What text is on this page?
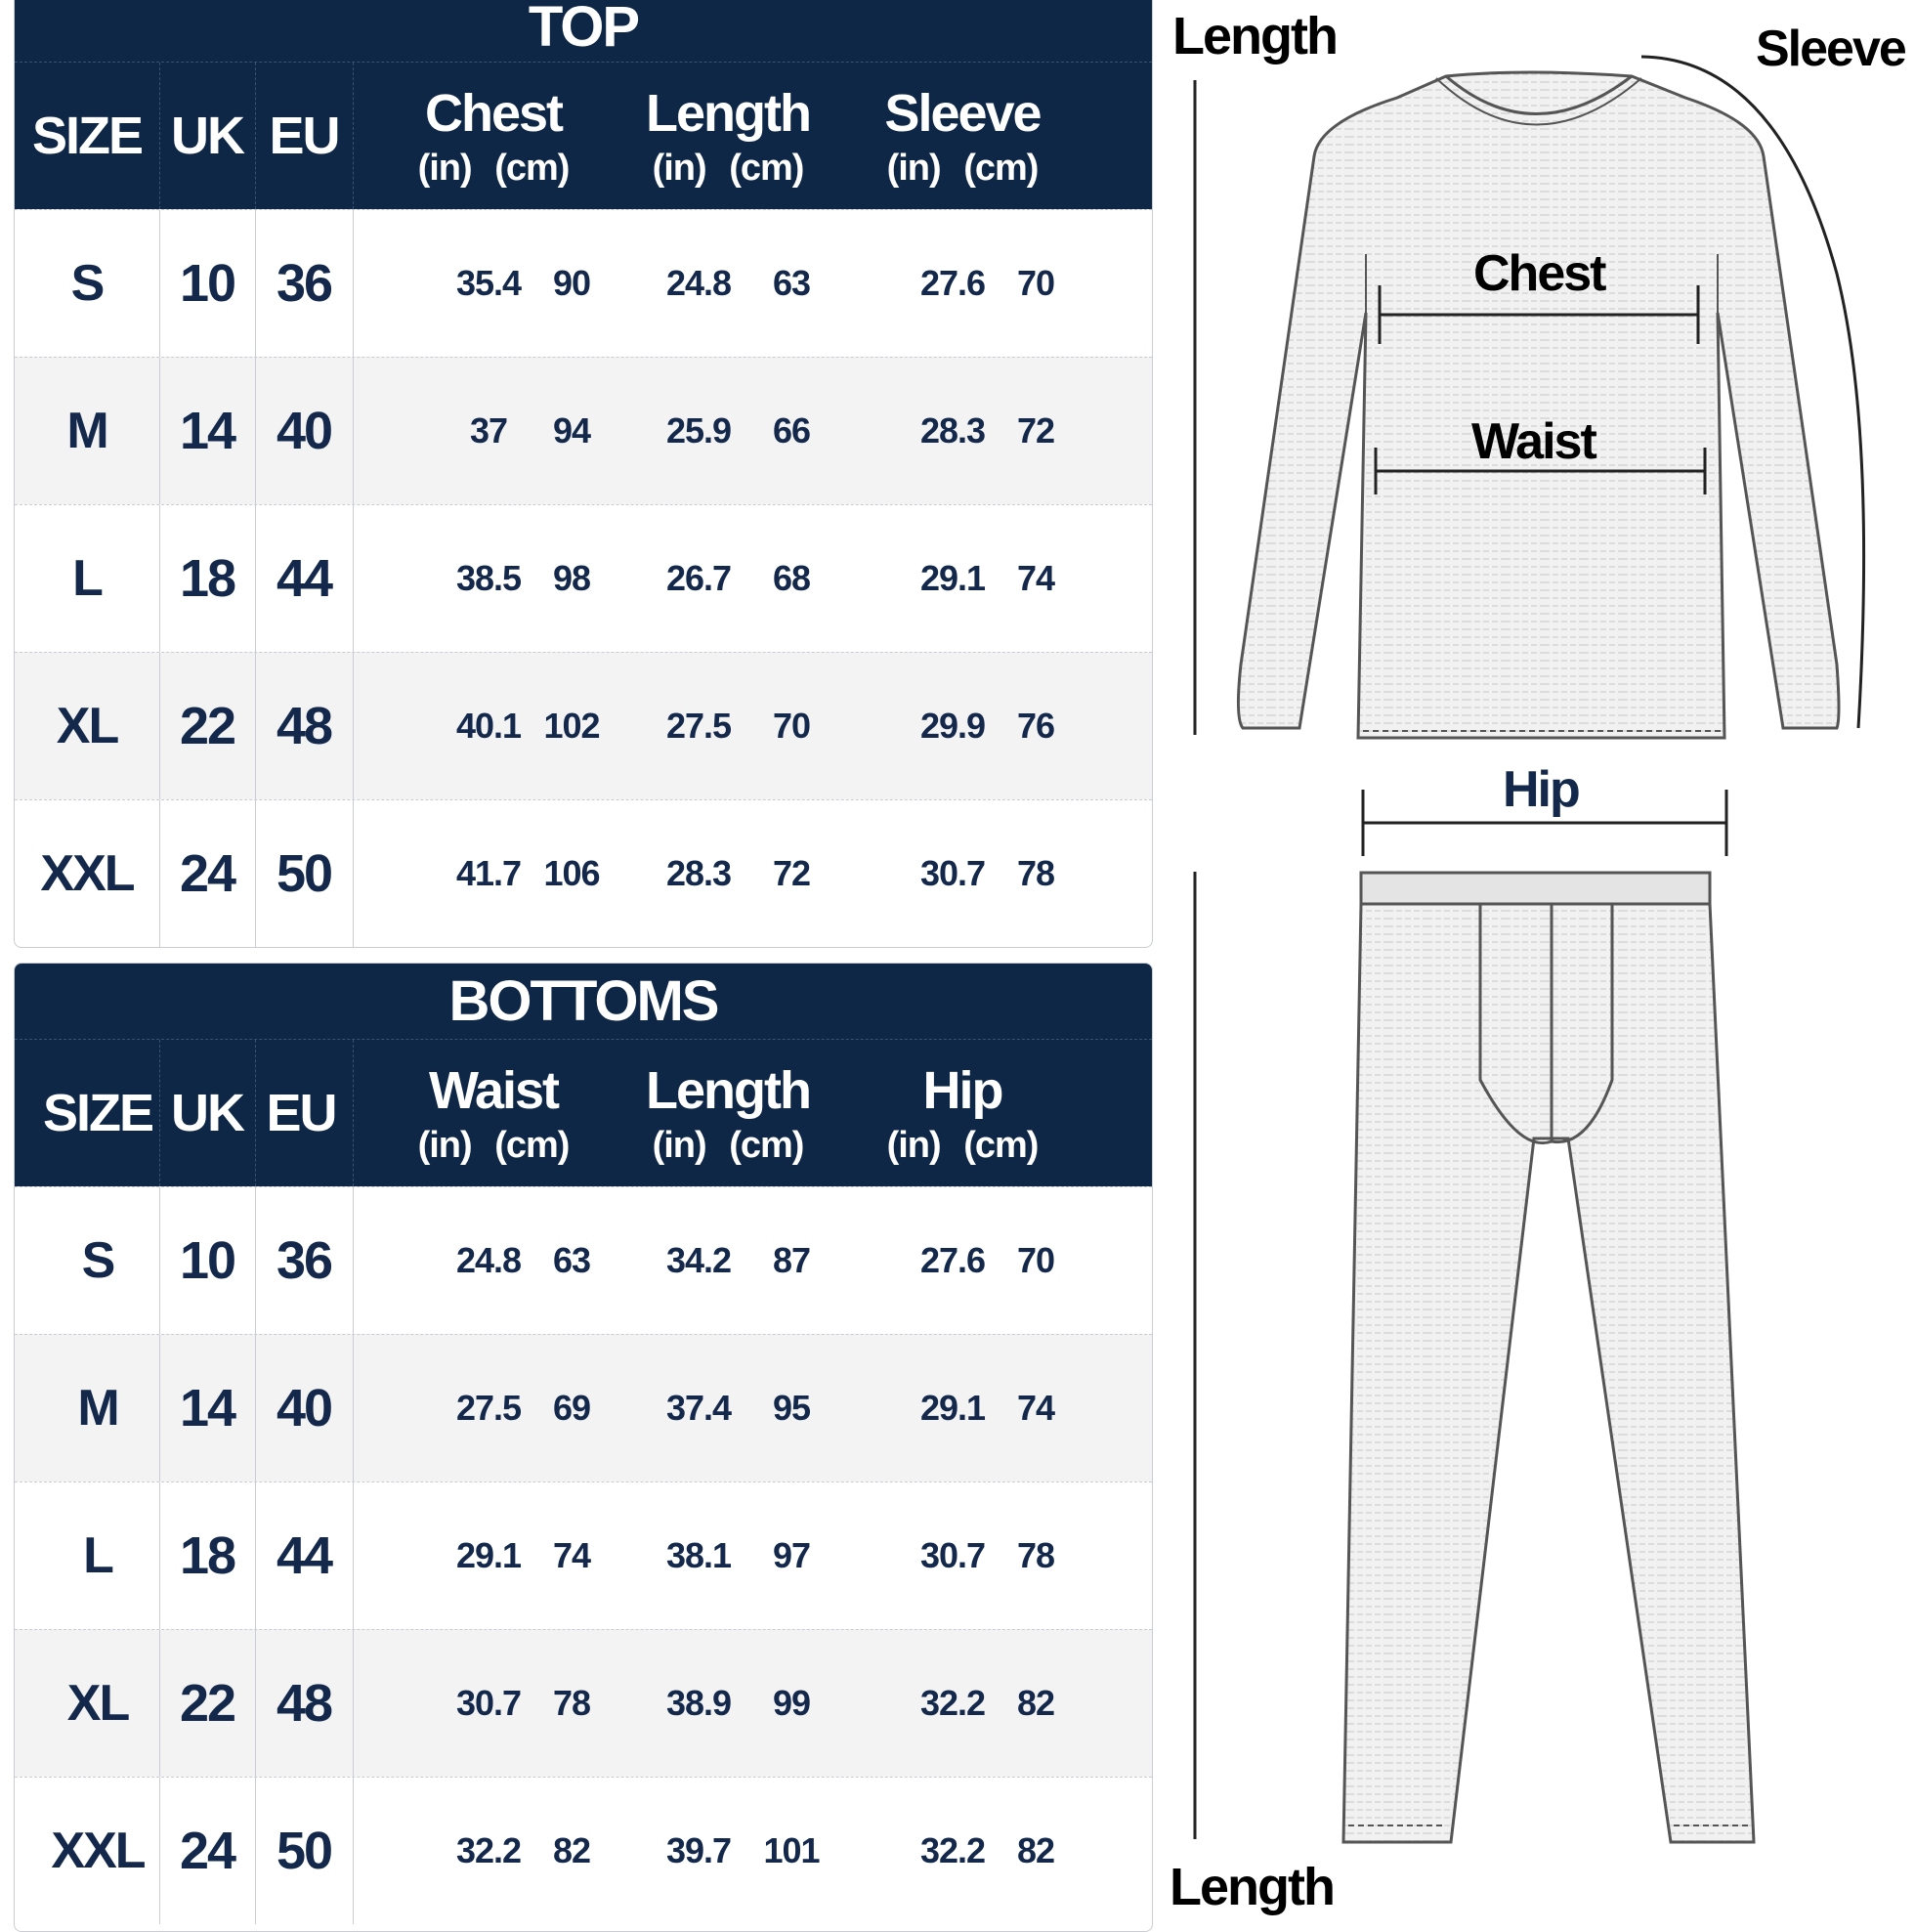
TOP
SIZE UK EU Chest
(in) (cm)
Length
(in) (cm)
Sleeve
(in) (cm)
S	10 36	35.4 90	24.8	63	27.6 70
M	14 40	37	94	25.9	66	28.3 72
L	18 44	38.5 98	26.7	68	29.1 74
XL	22 48	40.1 102	27.5	70	29.9 76
XXL 24 50	41.7 106	28.3	72	30.7 78
BOTTOMS
SIZE UK EU Waist
(in) (cm)
Length
(in) (cm)
Hip
(in) (cm)
S	10 36	24.8 63	34.2	87	27.6 70
M	14 40	27.5 69	37.4	95	29.1 74
L	18 44	29.1 74	38.1	97	30.7 78
XL 22 48	30.7 78	38.9	99	32.2 82
XXL 24 50	32.2 82	39.7 101	32.2 82
Length	Sleeve
Chest
Waist
Hip
Length
